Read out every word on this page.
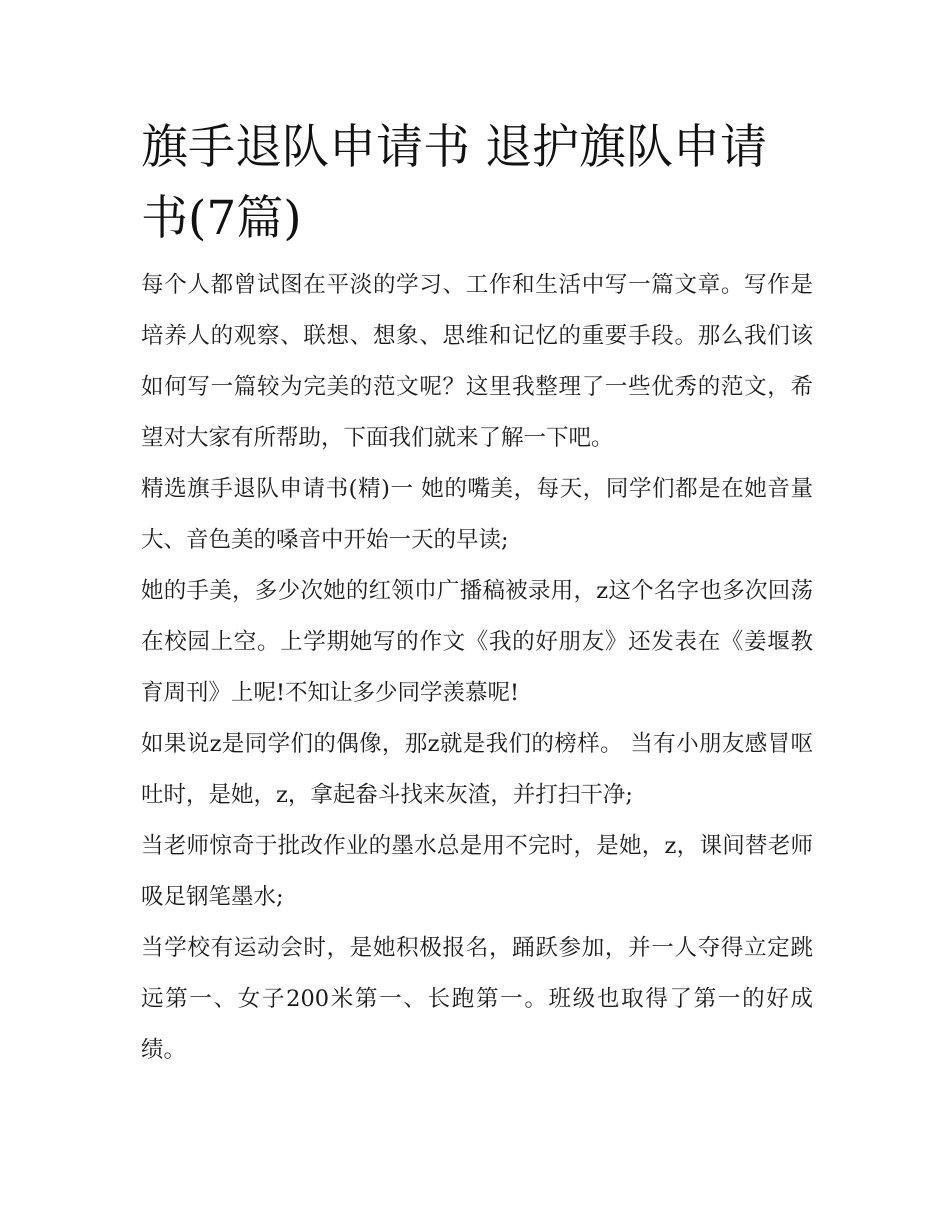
旗手退队申请书 退护旗队申请书(7篇)

每个人都曾试图在平淡的学习、工作和生活中写一篇文章。写作是培养人的观察、联想、想象、思维和记忆的重要手段。那么我们该如何写一篇较为完美的范文呢？这里我整理了一些优秀的范文，希望对大家有所帮助，下面我们就来了解一下吧。

精选旗手退队申请书(精)一 她的嘴美，每天，同学们都是在她音量大、音色美的嗓音中开始一天的早读;

她的手美，多少次她的红领巾广播稿被录用，z这个名字也多次回荡在校园上空。上学期她写的作文《我的好朋友》还发表在《姜堰教育周刊》上呢!不知让多少同学羡慕呢!

如果说z是同学们的偶像，那z就是我们的榜样。 当有小朋友感冒呕吐时，是她，z，拿起畚斗找来灰渣，并打扫干净;

当老师惊奇于批改作业的墨水总是用不完时，是她，z，课间替老师吸足钢笔墨水;

当学校有运动会时，是她积极报名，踊跃参加，并一人夺得立定跳远第一、女子200米第一、长跑第一。班级也取得了第一的好成绩。
